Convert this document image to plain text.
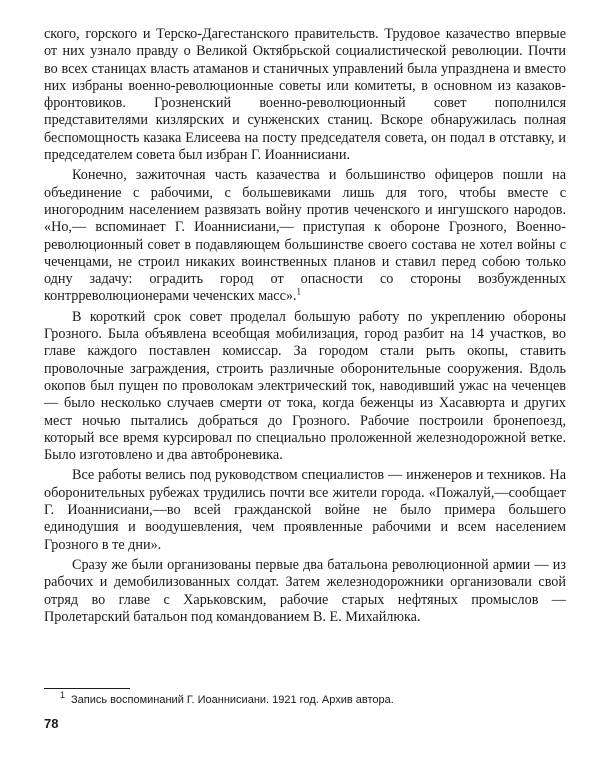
ского, горского и Терско-Дагестанского правительств. Трудовое казачество впервые от них узнало правду о Великой Октябрьской социалистической революции. Почти во всех станицах власть атаманов и станичных управлений была упразднена и вместо них избраны военно-революционные советы или комитеты, в основном из казаков-фронтовиков. Грозненский военно-революционный совет пополнился представителями кизлярских и сунженских станиц. Вскоре обнаружилась полная беспомощность казака Елисеева на посту председателя совета, он подал в отставку, и председателем совета был избран Г. Иоаннисиани.

Конечно, зажиточная часть казачества и большинство офицеров пошли на объединение с рабочими, с большевиками лишь для того, чтобы вместе с иногородним населением развязать войну против чеченского и ингушского народов. «Но,— вспоминает Г. Иоаннисиани,— приступая к обороне Грозного, Военно-революционный совет в подавляющем большинстве своего состава не хотел войны с чеченцами, не строил никаких воинственных планов и ставил перед собою только одну задачу: оградить город от опасности со стороны возбужденных контрреволюционерами чеченских масс».$^1$

В короткий срок совет проделал большую работу по укреплению обороны Грозного. Была объявлена всеобщая мобилизация, город разбит на 14 участков, во главе каждого поставлен комиссар. За городом стали рыть окопы, ставить проволочные заграждения, строить различные оборонительные сооружения. Вдоль окопов был пущен по проволокам электрический ток, наводивший ужас на чеченцев — было несколько случаев смерти от тока, когда беженцы из Хасавюрта и других мест ночью пытались добраться до Грозного. Рабочие построили бронепоезд, который все время курсировал по специально проложенной железнодорожной ветке. Было изготовлено и два автоброневика.

Все работы велись под руководством специалистов — инженеров и техников. На оборонительных рубежах трудились почти все жители города. «Пожалуй,—сообщает Г. Иоаннисиани,—во всей гражданской войне не было примера большего единодушия и воодушевления, чем проявленные рабочими и всем населением Грозного в те дни».

Сразу же были организованы первые два батальона революционной армии — из рабочих и демобилизованных солдат. Затем железнодорожники организовали свой отряд во главе с Харьковским, рабочие старых нефтяных промыслов — Пролетарский батальон под командованием В. Е. Михайлюка.

$^1$ Запись воспоминаний Г. Иоаннисиани. 1921 год. Архив автора.
78
